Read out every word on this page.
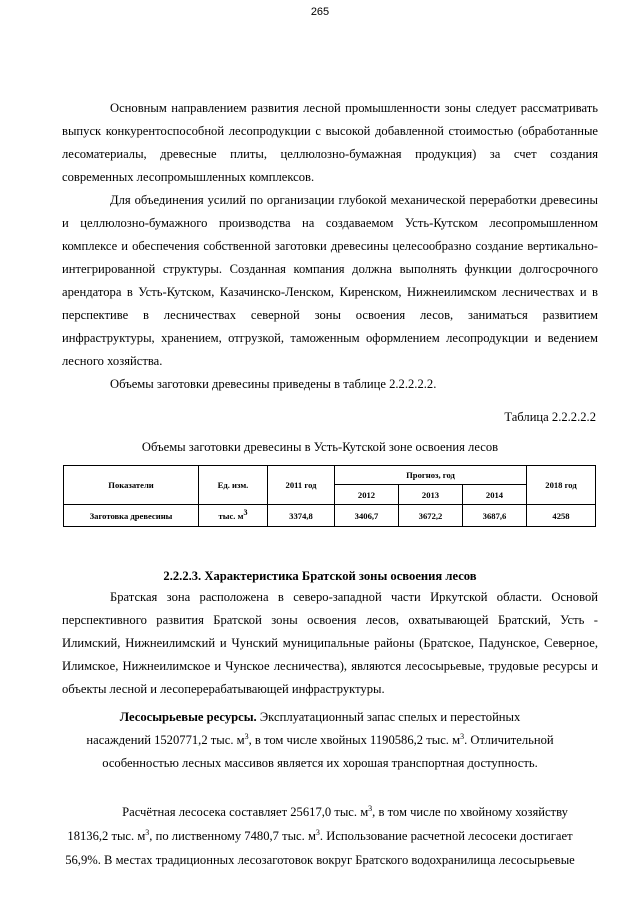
265

Основным направлением развития лесной промышленности зоны следует рассматривать выпуск конкурентоспособной лесопродукции с высокой добавленной стоимостью (обработанные лесоматериалы, древесные плиты, целлюлозно-бумажная продукция) за счет создания современных лесопромышленных комплексов.

Для объединения усилий по организации глубокой механической переработки древесины и целлюлозно-бумажного производства на создаваемом Усть-Кутском лесопромышленном комплексе и обеспечения собственной заготовки древесины целесообразно создание вертикально-интегрированной структуры. Созданная компания должна выполнять функции долгосрочного арендатора в Усть-Кутском, Казачинско-Ленском, Киренском, Нижнеилимском лесничествах и в перспективе в лесничествах северной зоны освоения лесов, заниматься развитием инфраструктуры, хранением, отгрузкой, таможенным оформлением лесопродукции и ведением лесного хозяйства.

Объемы заготовки древесины приведены в таблице 2.2.2.2.2.

Таблица 2.2.2.2.2
Объемы заготовки древесины в Усть-Кутской зоне освоения лесов
Показатели	Ед. изм.	2011 год	Прогноз, год			2018 год
			2012	2013	2014	
Заготовка древесины	тыс. $м^3$	3374,8	3406,7	3672,2	3687,6	4258
2.2.2.3. Характеристика Братской зоны освоения лесов

Братская зона расположена в северо-западной части Иркутской области. Основой перспективного развития Братской зоны освоения лесов, охватывающей Братский, Усть - Илимский, Нижнеилимский и Чунский муниципальные районы (Братское, Падунское, Северное, Илимское, Нижнеилимское и Чунское лесничества), являются лесосырьевые, трудовые ресурсы и объекты лесной и лесоперерабатывающей инфраструктуры.

Лесосырьевые ресурсы. Эксплуатационный запас спелых и перестойных
насаждений 1520771,2 тыс. $м^3$, в том числе хвойных 1190586,2 тыс. $м^3$. Отличительной
особенностью лесных массивов является их хорошая транспортная доступность.
Расчётная лесосека составляет 25617,0 тыс. $м^3$, в том числе по хвойному хозяйству
18136,2 тыс. $м^3$, по лиственному 7480,7 тыс. $м^3$. Использование расчетной лесосеки достигает
56,9%. В местах традиционных лесозаготовок вокруг Братского водохранилища лесосырьевые
